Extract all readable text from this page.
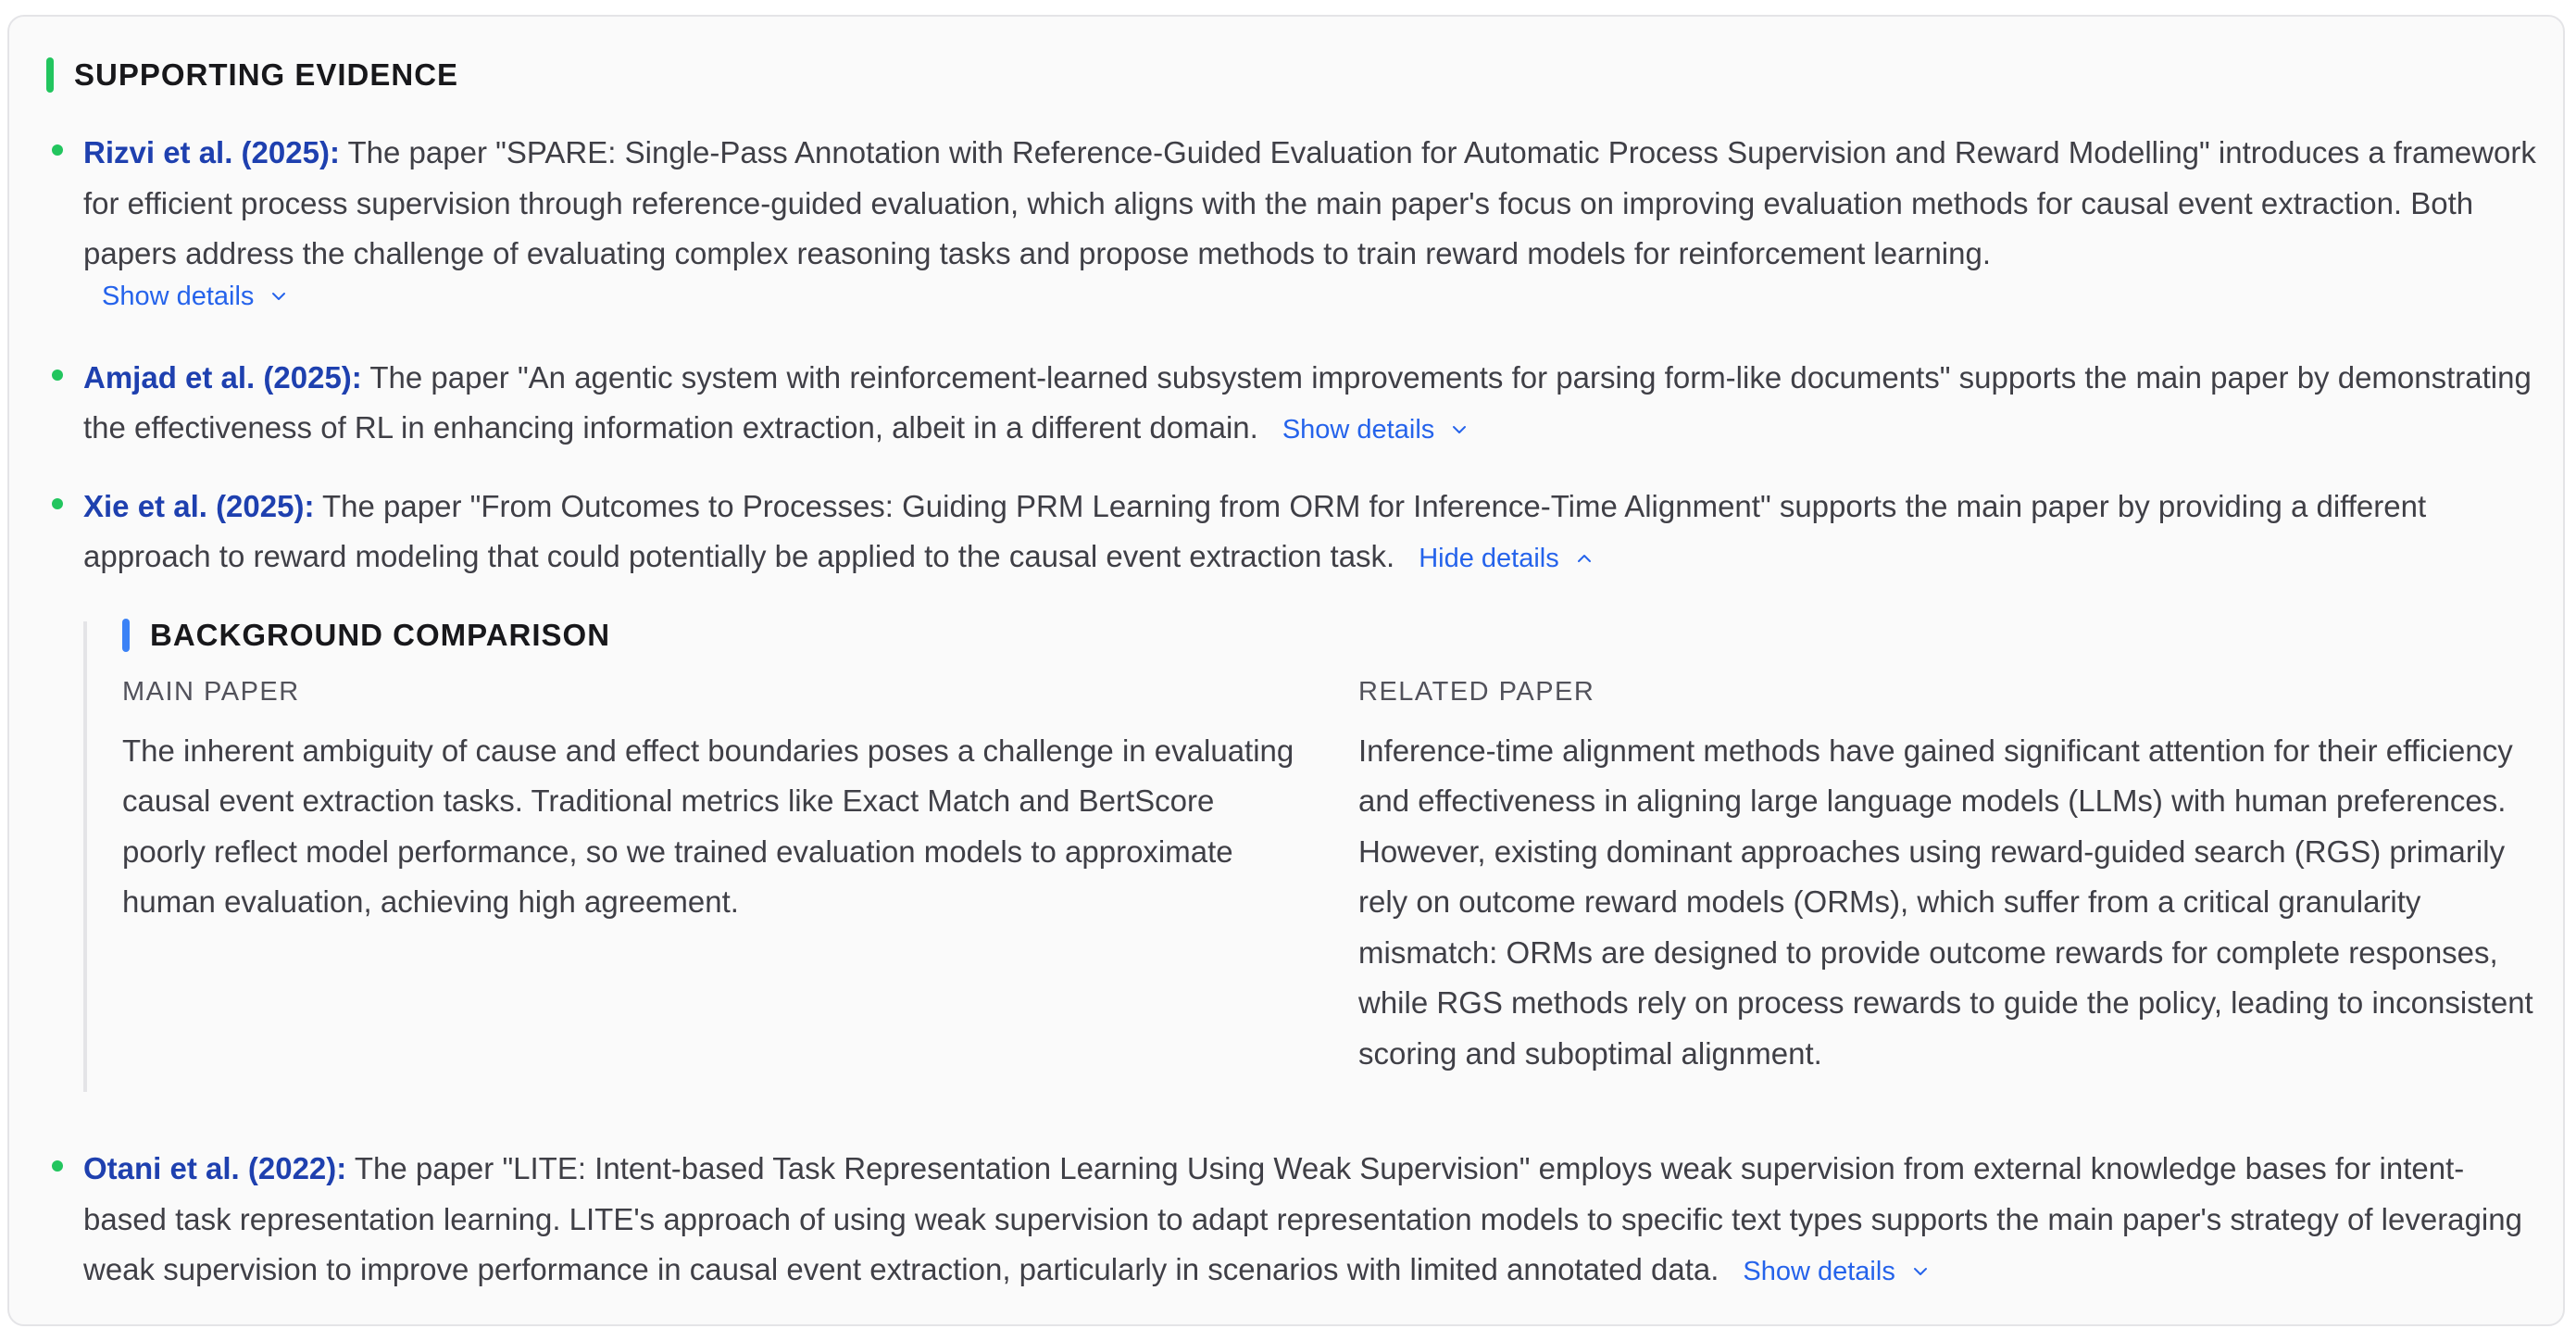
SUPPORTING EVIDENCE
Rizvi et al. (2025): The paper "SPARE: Single-Pass Annotation with Reference-Guided Evaluation for Automatic Process Supervision and Reward Modelling" introduces a framework for efficient process supervision through reference-guided evaluation, which aligns with the main paper's focus on improving evaluation methods for causal event extraction. Both papers address the challenge of evaluating complex reasoning tasks and propose methods to train reward models for reinforcement learning.
Show details
Amjad et al. (2025): The paper "An agentic system with reinforcement-learned subsystem improvements for parsing form-like documents" supports the main paper by demonstrating the effectiveness of RL in enhancing information extraction, albeit in a different domain. Show details
Xie et al. (2025): The paper "From Outcomes to Processes: Guiding PRM Learning from ORM for Inference-Time Alignment" supports the main paper by providing a different approach to reward modeling that could potentially be applied to the causal event extraction task. Hide details
BACKGROUND COMPARISON
MAIN PAPER
The inherent ambiguity of cause and effect boundaries poses a challenge in evaluating causal event extraction tasks. Traditional metrics like Exact Match and BertScore poorly reflect model performance, so we trained evaluation models to approximate human evaluation, achieving high agreement.
RELATED PAPER
Inference-time alignment methods have gained significant attention for their efficiency and effectiveness in aligning large language models (LLMs) with human preferences. However, existing dominant approaches using reward-guided search (RGS) primarily rely on outcome reward models (ORMs), which suffer from a critical granularity mismatch: ORMs are designed to provide outcome rewards for complete responses, while RGS methods rely on process rewards to guide the policy, leading to inconsistent scoring and suboptimal alignment.
Otani et al. (2022): The paper "LITE: Intent-based Task Representation Learning Using Weak Supervision" employs weak supervision from external knowledge bases for intent-based task representation learning. LITE's approach of using weak supervision to adapt representation models to specific text types supports the main paper's strategy of leveraging weak supervision to improve performance in causal event extraction, particularly in scenarios with limited annotated data. Show details
